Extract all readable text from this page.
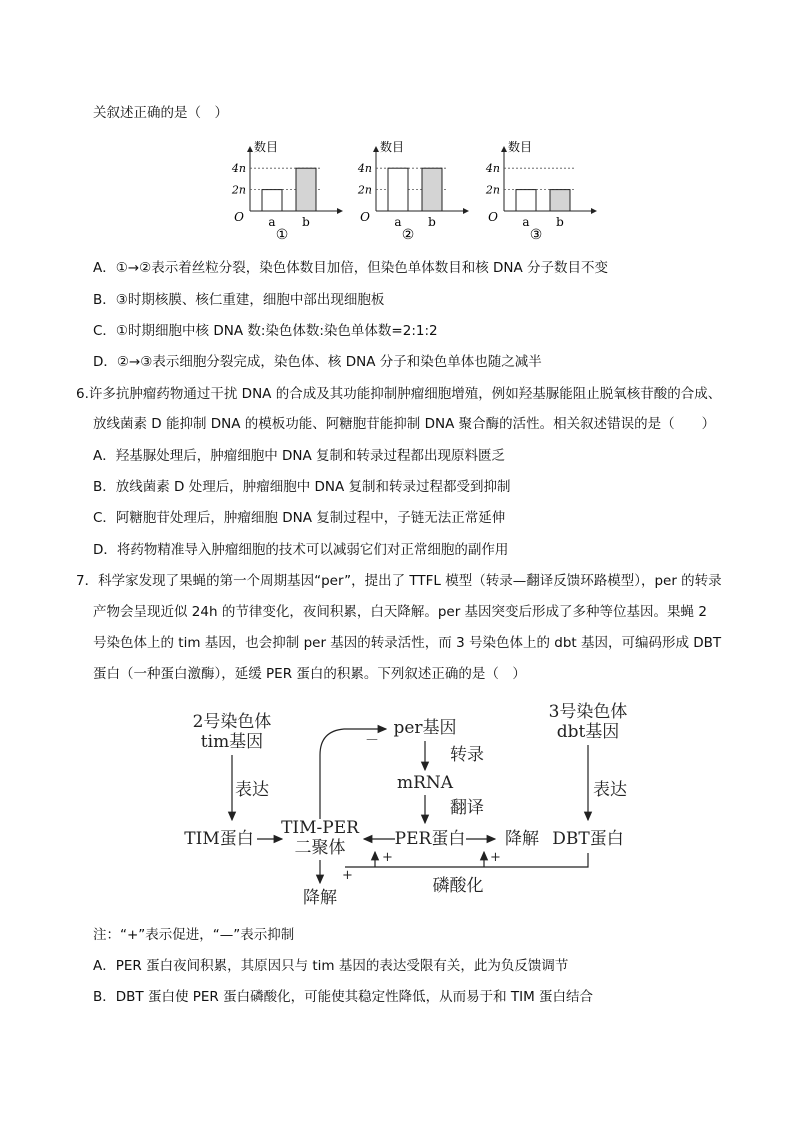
关叙述正确的是（　）
2n
4n
a b
O
数目
①
2n
4n
a b
O
数目
②
2n
4n
a b
O
数目
③
A．①→②表示着丝粒分裂，染色体数目加倍，但染色单体数目和核 DNA 分子数目不变
B．③时期核膜、核仁重建，细胞中部出现细胞板
C．①时期细胞中核 DNA 数:染色体数:染色单体数=2:1:2
D．②→③表示细胞分裂完成，染色体、核 DNA 分子和染色单体也随之减半
6.许多抗肿瘤药物通过干扰 DNA 的合成及其功能抑制肿瘤细胞增殖，例如羟基脲能阻止脱氧核苷酸的合成、
放线菌素 D 能抑制 DNA 的模板功能、阿糖胞苷能抑制 DNA 聚合酶的活性。相关叙述错误的是（　　）
A．羟基脲处理后，肿瘤细胞中 DNA 复制和转录过程都出现原料匮乏
B．放线菌素 D 处理后，肿瘤细胞中 DNA 复制和转录过程都受到抑制
C．阿糖胞苷处理后，肿瘤细胞 DNA 复制过程中，子链无法正常延伸
D．将药物精准导入肿瘤细胞的技术可以减弱它们对正常细胞的副作用
7．科学家发现了果蝇的第一个周期基因“per”，提出了 TTFL 模型（转录—翻译反馈环路模型），per 的转录
产物会呈现近似 24h 的节律变化，夜间积累，白天降解。per 基因突变后形成了多种等位基因。果蝇 2
号染色体上的 tim 基因，也会抑制 per 基因的转录活性，而 3 号染色体上的 dbt 基因，可编码形成 DBT
蛋白（一种蛋白激酶），延缓 PER 蛋白的积累。下列叙述正确的是（　）
2号染色体
tim基因
3号染色体
dbt基因
per基因
转录
mRNA
翻译
表达	表达
TIM蛋白
TIM-PER
二聚体	PER蛋白 降解 DBT蛋白
降解
磷酸化
－
+	+
+
注：“+”表示促进，“—”表示抑制
A．PER 蛋白夜间积累，其原因只与 tim 基因的表达受限有关，此为负反馈调节
B．DBT 蛋白使 PER 蛋白磷酸化，可能使其稳定性降低，从而易于和 TIM 蛋白结合
